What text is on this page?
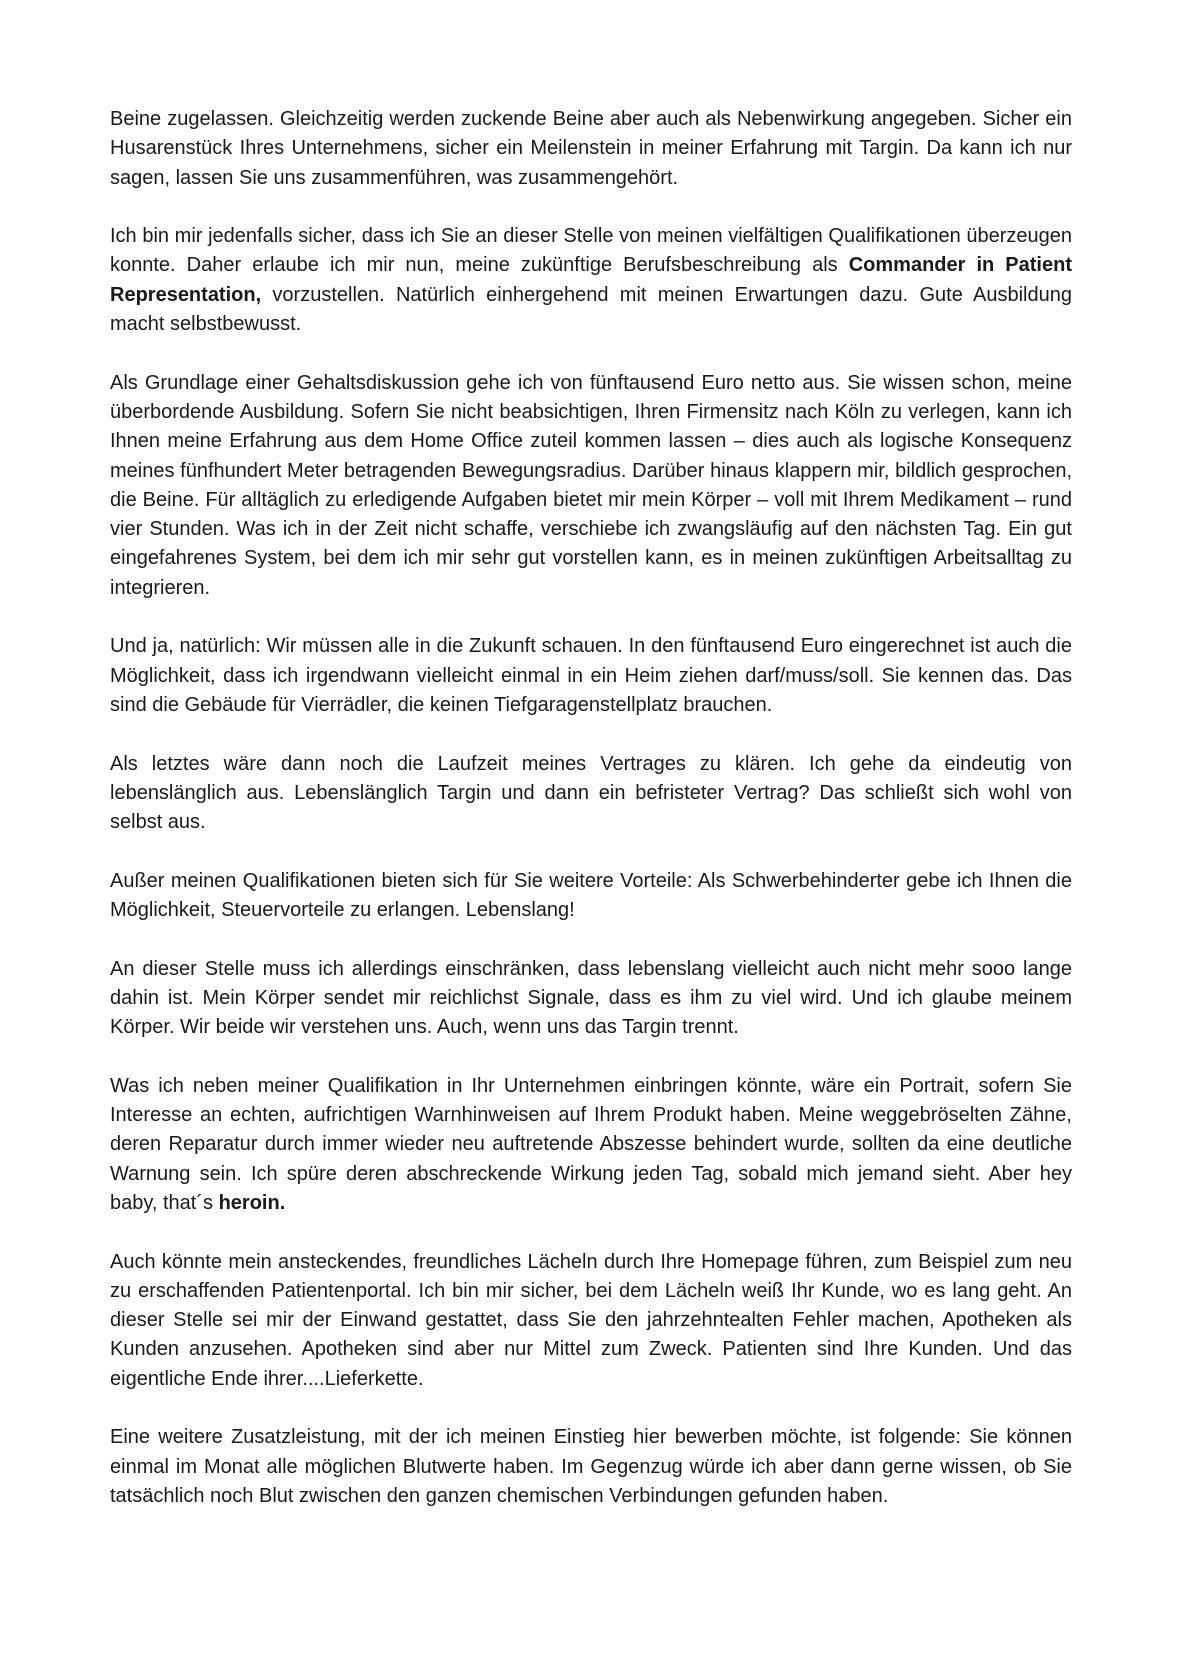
Beine zugelassen. Gleichzeitig werden zuckende Beine aber auch als Nebenwirkung angegeben. Sicher ein Husarenstück Ihres Unternehmens, sicher ein Meilenstein in meiner Erfahrung mit Targin. Da kann ich nur sagen, lassen Sie uns zusammenführen, was zusammengehört.

Ich bin mir jedenfalls sicher, dass ich Sie an dieser Stelle von meinen vielfältigen Qualifikationen überzeugen konnte. Daher erlaube ich mir nun, meine zukünftige Berufsbeschreibung als Commander in Patient Representation, vorzustellen. Natürlich einhergehend mit meinen Erwartungen dazu. Gute Ausbildung macht selbstbewusst.

Als Grundlage einer Gehaltsdiskussion gehe ich von fünftausend Euro netto aus. Sie wissen schon, meine überbordende Ausbildung. Sofern Sie nicht beabsichtigen, Ihren Firmensitz nach Köln zu verlegen, kann ich Ihnen meine Erfahrung aus dem Home Office zuteil kommen lassen – dies auch als logische Konsequenz meines fünfhundert Meter betragenden Bewegungsradius. Darüber hinaus klappern mir, bildlich gesprochen, die Beine. Für alltäglich zu erledigende Aufgaben bietet mir mein Körper – voll mit Ihrem Medikament – rund vier Stunden. Was ich in der Zeit nicht schaffe, verschiebe ich zwangsläufig auf den nächsten Tag. Ein gut eingefahrenes System, bei dem ich mir sehr gut vorstellen kann, es in meinen zukünftigen Arbeitsalltag zu integrieren.

Und ja, natürlich: Wir müssen alle in die Zukunft schauen. In den fünftausend Euro eingerechnet ist auch die Möglichkeit, dass ich irgendwann vielleicht einmal in ein Heim ziehen darf/muss/soll. Sie kennen das. Das sind die Gebäude für Vierrädler, die keinen Tiefgaragenstellplatz brauchen.

Als letztes wäre dann noch die Laufzeit meines Vertrages zu klären. Ich gehe da eindeutig von lebenslänglich aus. Lebenslänglich Targin und dann ein befristeter Vertrag? Das schließt sich wohl von selbst aus.

Außer meinen Qualifikationen bieten sich für Sie weitere Vorteile: Als Schwerbehinderter gebe ich Ihnen die Möglichkeit, Steuervorteile zu erlangen. Lebenslang!

An dieser Stelle muss ich allerdings einschränken, dass lebenslang vielleicht auch nicht mehr sooo lange dahin ist. Mein Körper sendet mir reichlichst Signale, dass es ihm zu viel wird. Und ich glaube meinem Körper. Wir beide wir verstehen uns. Auch, wenn uns das Targin trennt.

Was ich neben meiner Qualifikation in Ihr Unternehmen einbringen könnte, wäre ein Portrait, sofern Sie Interesse an echten, aufrichtigen Warnhinweisen auf Ihrem Produkt haben. Meine weggebröselten Zähne, deren Reparatur durch immer wieder neu auftretende Abszesse behindert wurde, sollten da eine deutliche Warnung sein. Ich spüre deren abschreckende Wirkung jeden Tag, sobald mich jemand sieht. Aber hey baby, that´s heroin.

Auch könnte mein ansteckendes, freundliches Lächeln durch Ihre Homepage führen, zum Beispiel zum neu zu erschaffenden Patientenportal. Ich bin mir sicher, bei dem Lächeln weiß Ihr Kunde, wo es lang geht. An dieser Stelle sei mir der Einwand gestattet, dass Sie den jahrzehntealten Fehler machen, Apotheken als Kunden anzusehen. Apotheken sind aber nur Mittel zum Zweck. Patienten sind Ihre Kunden. Und das eigentliche Ende ihrer....Lieferkette.

Eine weitere Zusatzleistung, mit der ich meinen Einstieg hier bewerben möchte, ist folgende: Sie können einmal im Monat alle möglichen Blutwerte haben. Im Gegenzug würde ich aber dann gerne wissen, ob Sie tatsächlich noch Blut zwischen den ganzen chemischen Verbindungen gefunden haben.
